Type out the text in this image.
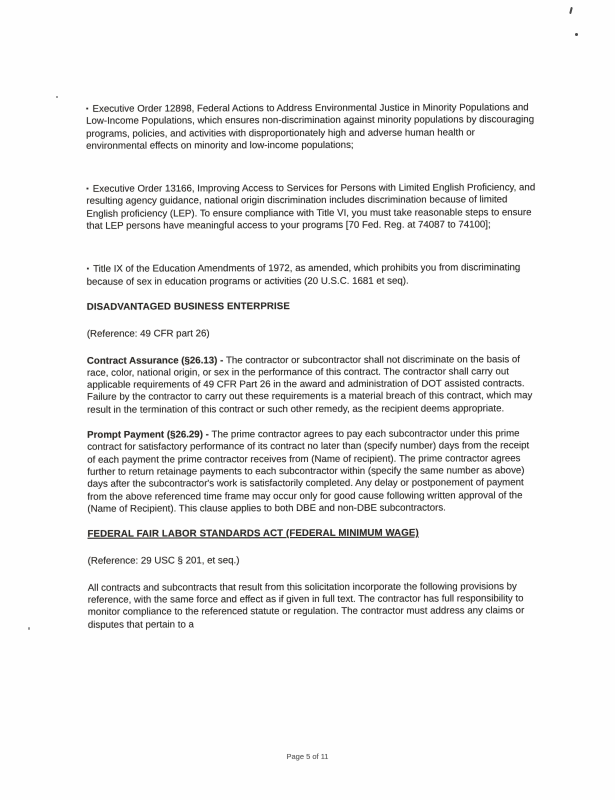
▪ Executive Order 12898, Federal Actions to Address Environmental Justice in Minority Populations and Low-Income Populations, which ensures non-discrimination against minority populations by discouraging programs, policies, and activities with disproportionately high and adverse human health or environmental effects on minority and low-income populations;

▪ Executive Order 13166, Improving Access to Services for Persons with Limited English Proficiency, and resulting agency guidance, national origin discrimination includes discrimination because of limited English proficiency (LEP). To ensure compliance with Title VI, you must take reasonable steps to ensure that LEP persons have meaningful access to your programs [70 Fed. Reg. at 74087 to 74100];

▪ Title IX of the Education Amendments of 1972, as amended, which prohibits you from discriminating because of sex in education programs or activities (20 U.S.C. 1681 et seq).

DISADVANTAGED BUSINESS ENTERPRISE

(Reference: 49 CFR part 26)

Contract Assurance (§26.13) - The contractor or subcontractor shall not discriminate on the basis of race, color, national origin, or sex in the performance of this contract. The contractor shall carry out applicable requirements of 49 CFR Part 26 in the award and administration of DOT assisted contracts. Failure by the contractor to carry out these requirements is a material breach of this contract, which may result in the termination of this contract or such other remedy, as the recipient deems appropriate.

Prompt Payment (§26.29) - The prime contractor agrees to pay each subcontractor under this prime contract for satisfactory performance of its contract no later than (specify number) days from the receipt of each payment the prime contractor receives from (Name of recipient). The prime contractor agrees further to return retainage payments to each subcontractor within (specify the same number as above) days after the subcontractor's work is satisfactorily completed. Any delay or postponement of payment from the above referenced time frame may occur only for good cause following written approval of the (Name of Recipient). This clause applies to both DBE and non-DBE subcontractors.

FEDERAL FAIR LABOR STANDARDS ACT (FEDERAL MINIMUM WAGE)

(Reference: 29 USC § 201, et seq.)

All contracts and subcontracts that result from this solicitation incorporate the following provisions by reference, with the same force and effect as if given in full text. The contractor has full responsibility to monitor compliance to the referenced statute or regulation. The contractor must address any claims or disputes that pertain to a

Page 5 of 11
